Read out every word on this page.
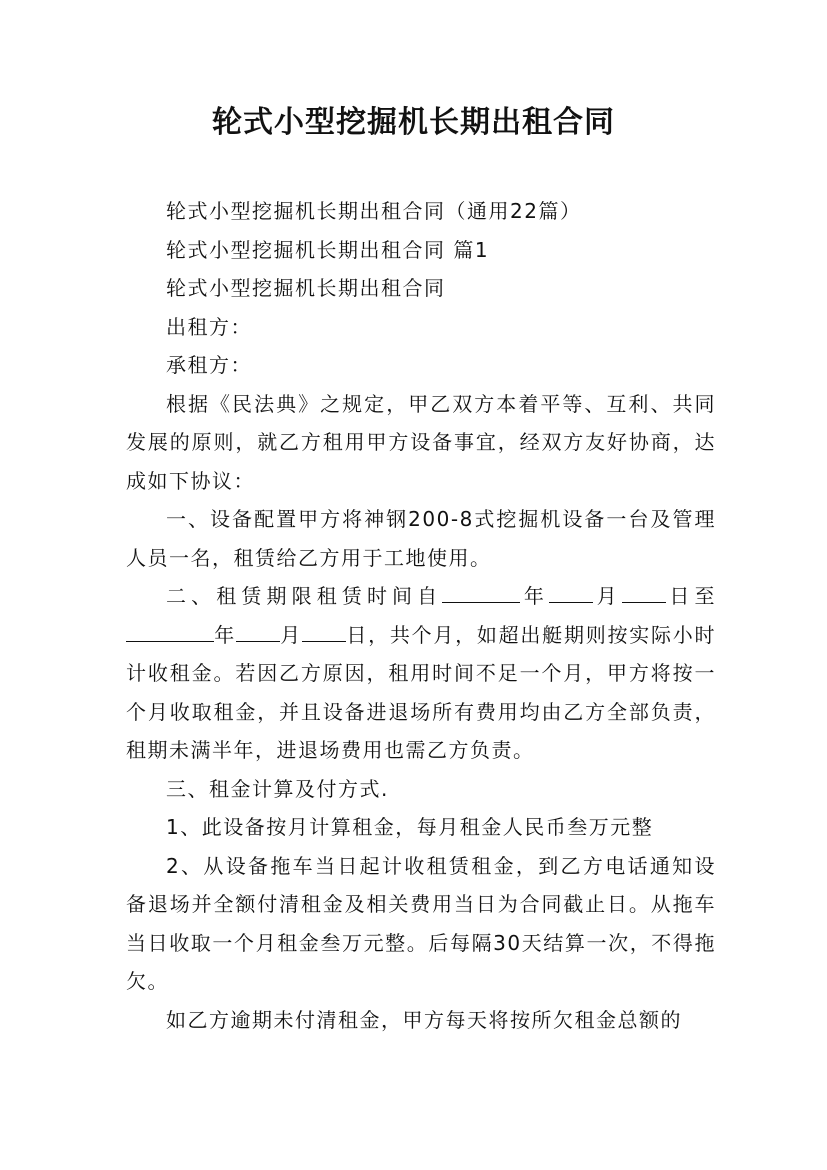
轮式小型挖掘机长期出租合同

轮式小型挖掘机长期出租合同（通用22篇）

轮式小型挖掘机长期出租合同 篇1

轮式小型挖掘机长期出租合同

出租方：

承租方：

根据《民法典》之规定，甲乙双方本着平等、互利、共同发展的原则，就乙方租用甲方设备事宜，经双方友好协商，达成如下协议：

一、设备配置甲方将神钢200-8式挖掘机设备一台及管理人员一名，租赁给乙方用于工地使用。

二、租赁期限租赁时间自	年 月 日至年 月 日，共个月，如超出艇期则按实际小时计收租金。若因乙方原因，租用时间不足一个月，甲方将按一个月收取租金，并且设备进退场所有费用均由乙方全部负责，租期未满半年，进退场费用也需乙方负责。

三、租金计算及付方式.

1、此设备按月计算租金，每月租金人民币叁万元整

2、从设备拖车当日起计收租赁租金，到乙方电话通知设备退场并全额付清租金及相关费用当日为合同截止日。从拖车当日收取一个月租金叁万元整。后每隔30天结算一次，不得拖欠。

如乙方逾期未付清租金，甲方每天将按所欠租金总额的
